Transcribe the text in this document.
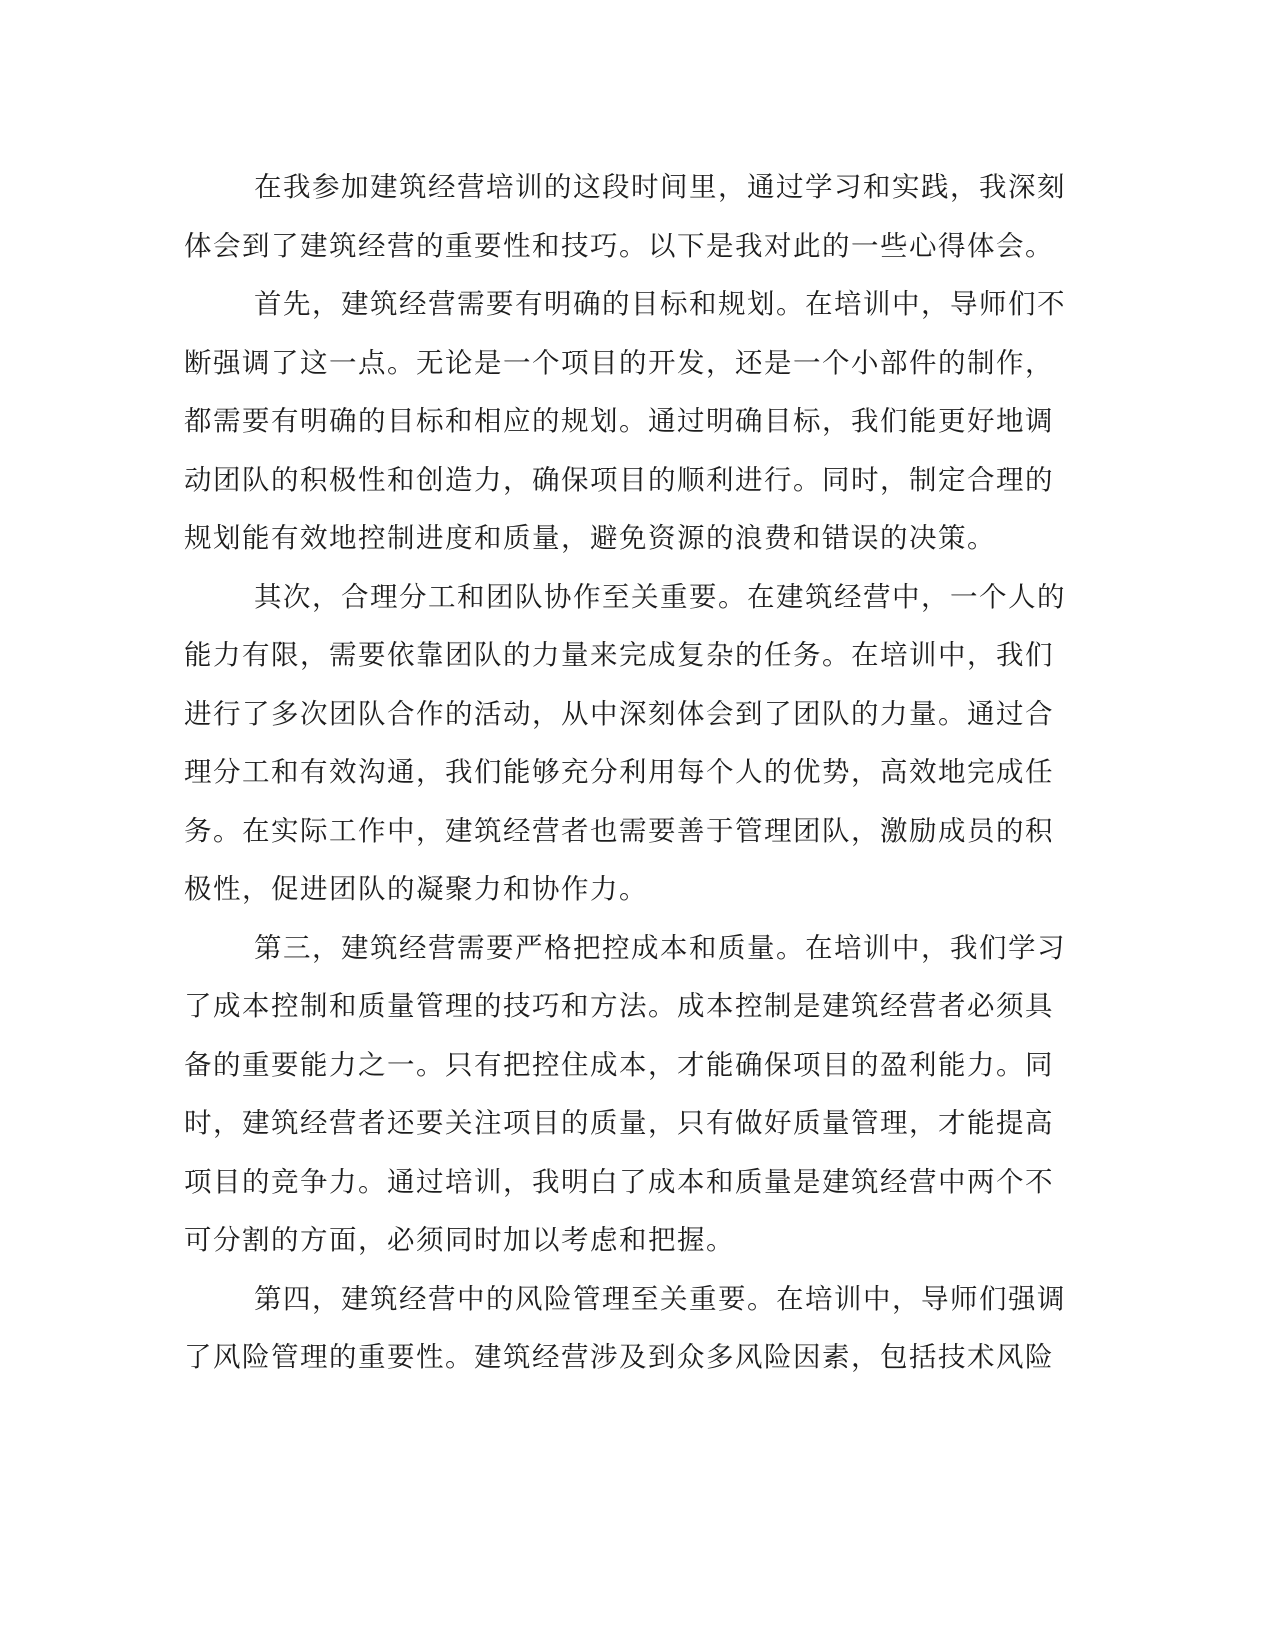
在我参加建筑经营培训的这段时间里，通过学习和实践，我深刻
体会到了建筑经营的重要性和技巧。以下是我对此的一些心得体会。

首先，建筑经营需要有明确的目标和规划。在培训中，导师们不
断强调了这一点。无论是一个项目的开发，还是一个小部件的制作，
都需要有明确的目标和相应的规划。通过明确目标，我们能更好地调
动团队的积极性和创造力，确保项目的顺利进行。同时，制定合理的
规划能有效地控制进度和质量，避免资源的浪费和错误的决策。

其次，合理分工和团队协作至关重要。在建筑经营中，一个人的
能力有限，需要依靠团队的力量来完成复杂的任务。在培训中，我们
进行了多次团队合作的活动，从中深刻体会到了团队的力量。通过合
理分工和有效沟通，我们能够充分利用每个人的优势，高效地完成任
务。在实际工作中，建筑经营者也需要善于管理团队，激励成员的积
极性，促进团队的凝聚力和协作力。

第三，建筑经营需要严格把控成本和质量。在培训中，我们学习
了成本控制和质量管理的技巧和方法。成本控制是建筑经营者必须具
备的重要能力之一。只有把控住成本，才能确保项目的盈利能力。同
时，建筑经营者还要关注项目的质量，只有做好质量管理，才能提高
项目的竞争力。通过培训，我明白了成本和质量是建筑经营中两个不
可分割的方面，必须同时加以考虑和把握。

第四，建筑经营中的风险管理至关重要。在培训中，导师们强调
了风险管理的重要性。建筑经营涉及到众多风险因素，包括技术风险
